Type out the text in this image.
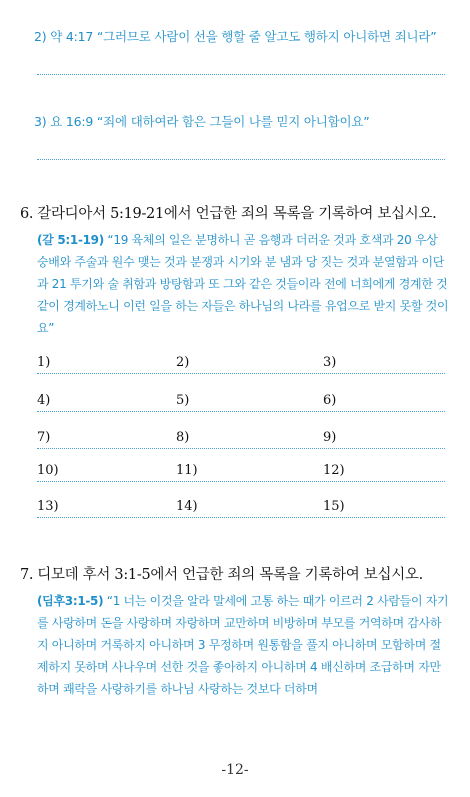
2) 약 4:17 “그러므로 사람이 선을 행할 줄 알고도 행하지 아니하면 죄니라”
3) 요 16:9 “죄에 대하여라 함은 그들이 나를 믿지 아니함이요”
6. 갈라디아서 5:19-21에서 언급한 죄의 목록을 기록하여 보십시오.
(갈 5:1-19) “19 육체의 일은 분명하니 곧 음행과 더러운 것과 호색과 20 우상 숭배와 주술과 원수 맺는 것과 분쟁과 시기와 분 냄과 당 짓는 것과 분열함과 이단과 21 투기와 술 취함과 방탕함과 또 그와 같은 것들이라 전에 너희에게 경계한 것 같이 경계하노니 이런 일을 하는 자들은 하나님의 나라를 유업으로 받지 못할 것이요”
1)	2)	3)
4)	5)	6)
7)	8)	9)
10)	11)	12)
13)	14)	15)
7. 디모데 후서 3:1-5에서 언급한 죄의 목록을 기록하여 보십시오.
(딤후3:1-5) “1 너는 이것을 알라 말세에 고통 하는 때가 이르러 2 사람들이 자기를 사랑하며 돈을 사랑하며 자랑하며 교만하며 비방하며 부모를 거역하며 감사하지 아니하며 거룩하지 아니하며 3 무정하며 원통함을 풀지 아니하며 모함하며 절제하지 못하며 사나우며 선한 것을 좋아하지 아니하며 4 배신하며 조급하며 자만하며 쾌락을 사랑하기를 하나님 사랑하는 것보다 더하며
-12-
